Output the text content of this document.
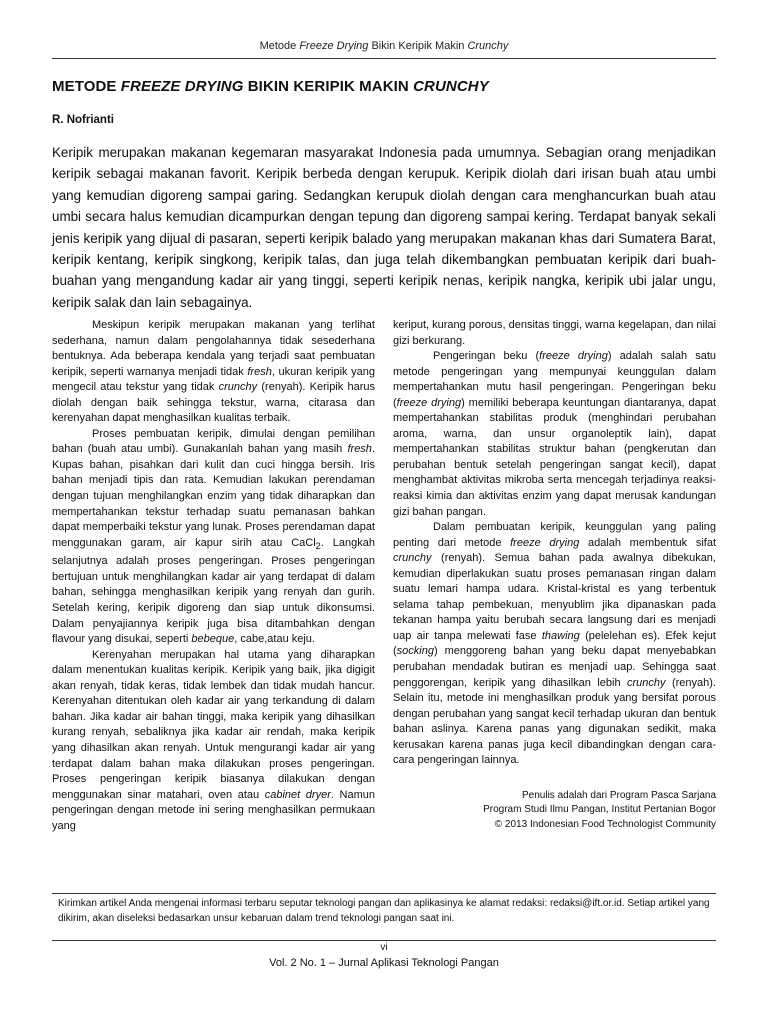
Metode Freeze Drying Bikin Keripik Makin Crunchy
METODE FREEZE DRYING BIKIN KERIPIK MAKIN CRUNCHY
R. Nofrianti

Keripik merupakan makanan kegemaran masyarakat Indonesia pada umumnya. Sebagian orang menjadikan keripik sebagai makanan favorit. Keripik berbeda dengan kerupuk. Keripik diolah dari irisan buah atau umbi yang kemudian digoreng sampai garing. Sedangkan kerupuk diolah dengan cara menghancurkan buah atau umbi secara halus kemudian dicampurkan dengan tepung dan digoreng sampai kering. Terdapat banyak sekali jenis keripik yang dijual di pasaran, seperti keripik balado yang merupakan makanan khas dari Sumatera Barat, keripik kentang, keripik singkong, keripik talas, dan juga telah dikembangkan pembuatan keripik dari buah-buahan yang mengandung kadar air yang tinggi, seperti keripik nenas, keripik nangka, keripik ubi jalar ungu, keripik salak dan lain sebagainya.

Meskipun keripik merupakan makanan yang terlihat sederhana, namun dalam pengolahannya tidak sesederhana bentuknya. Ada beberapa kendala yang terjadi saat pembuatan keripik, seperti warnanya menjadi tidak fresh, ukuran keripik yang mengecil atau tekstur yang tidak crunchy (renyah). Keripik harus diolah dengan baik sehingga tekstur, warna, citarasa dan kerenyahan dapat menghasilkan kualitas terbaik.

Proses pembuatan keripik, dimulai dengan pemilihan bahan (buah atau umbi). Gunakanlah bahan yang masih fresh. Kupas bahan, pisahkan dari kulit dan cuci hingga bersih. Iris bahan menjadi tipis dan rata. Kemudian lakukan perendaman dengan tujuan menghilangkan enzim yang tidak diharapkan dan mempertahankan tekstur terhadap suatu pemanasan bahkan dapat memperbaiki tekstur yang lunak. Proses perendaman dapat menggunakan garam, air kapur sirih atau CaCl$_2$. Langkah selanjutnya adalah proses pengeringan. Proses pengeringan bertujuan untuk menghilangkan kadar air yang terdapat di dalam bahan, sehingga menghasilkan keripik yang renyah dan gurih. Setelah kering, keripik digoreng dan siap untuk dikonsumsi. Dalam penyajiannya keripik juga bisa ditambahkan dengan flavour yang disukai, seperti bebeque, cabe,atau keju.

Kerenyahan merupakan hal utama yang diharapkan dalam menentukan kualitas keripik. Keripik yang baik, jika digigit akan renyah, tidak keras, tidak lembek dan tidak mudah hancur. Kerenyahan ditentukan oleh kadar air yang terkandung di dalam bahan. Jika kadar air bahan tinggi, maka keripik yang dihasilkan kurang renyah, sebaliknya jika kadar air rendah, maka keripik yang dihasilkan akan renyah. Untuk mengurangi kadar air yang terdapat dalam bahan maka dilakukan proses pengeringan. Proses pengeringan keripik biasanya dilakukan dengan menggunakan sinar matahari, oven atau cabinet dryer. Namun pengeringan dengan metode ini sering menghasilkan permukaan yang

keriput, kurang porous, densitas tinggi, warna kegelapan, dan nilai gizi berkurang.

Pengeringan beku (freeze drying) adalah salah satu metode pengeringan yang mempunyai keunggulan dalam mempertahankan mutu hasil pengeringan. Pengeringan beku (freeze drying) memiliki beberapa keuntungan diantaranya, dapat mempertahankan stabilitas produk (menghindari perubahan aroma, warna, dan unsur organoleptik lain), dapat mempertahankan stabilitas struktur bahan (pengkerutan dan perubahan bentuk setelah pengeringan sangat kecil), dapat menghambat aktivitas mikroba serta mencegah terjadinya reaksi-reaksi kimia dan aktivitas enzim yang dapat merusak kandungan gizi bahan pangan.

Dalam pembuatan keripik, keunggulan yang paling penting dari metode freeze drying adalah membentuk sifat crunchy (renyah). Semua bahan pada awalnya dibekukan, kemudian diperlakukan suatu proses pemanasan ringan dalam suatu lemari hampa udara. Kristal-kristal es yang terbentuk selama tahap pembekuan, menyublim jika dipanaskan pada tekanan hampa yaitu berubah secara langsung dari es menjadi uap air tanpa melewati fase thawing (pelelehan es). Efek kejut (socking) menggoreng bahan yang beku dapat menyebabkan perubahan mendadak butiran es menjadi uap. Sehingga saat penggorengan, keripik yang dihasilkan lebih crunchy (renyah). Selain itu, metode ini menghasilkan produk yang bersifat porous dengan perubahan yang sangat kecil terhadap ukuran dan bentuk bahan aslinya. Karena panas yang digunakan sedikit, maka kerusakan karena panas juga kecil dibandingkan dengan cara-cara pengeringan lainnya.

Penulis adalah dari Program Pasca Sarjana
Program Studi Ilmu Pangan, Institut Pertanian Bogor
© 2013 Indonesian Food Technologist Community
Kirimkan artikel Anda mengenai informasi terbaru seputar teknologi pangan dan aplikasinya ke alamat redaksi: redaksi@ift.or.id. Setiap artikel yang dikirim, akan diseleksi bedasarkan unsur kebaruan dalam trend teknologi pangan saat ini.
vi
Vol. 2 No. 1 – Jurnal Aplikasi Teknologi Pangan
